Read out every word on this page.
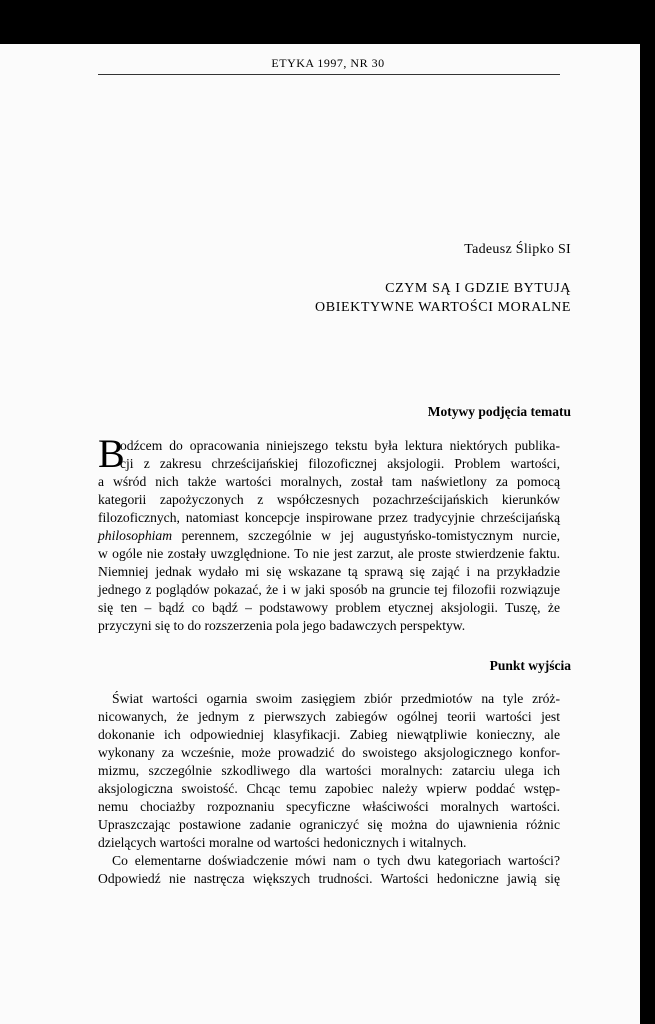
ETYKA 1997, NR 30
Tadeusz Ślipko SI
CZYM SĄ I GDZIE BYTUJĄ
OBIEKTYWNE WARTOŚCI MORALNE
Motywy podjęcia tematu
B
odźcem do opracowania niniejszego tekstu była lektura niektórych publika-
cji z zakresu chrześcijańskiej filozoficznej aksjologii. Problem wartości,
a wśród nich także wartości moralnych, został tam naświetlony za pomocą
kategorii zapożyczonych z współczesnych pozachrześcijańskich kierunków
filozoficznych, natomiast koncepcje inspirowane przez tradycyjnie chrześcijańską
philosophiam perennem, szczególnie w jej augustyńsko-tomistycznym nurcie,
w ogóle nie zostały uwzględnione. To nie jest zarzut, ale proste stwierdzenie faktu.
Niemniej jednak wydało mi się wskazane tą sprawą się zająć i na przykładzie
jednego z poglądów pokazać, że i w jaki sposób na gruncie tej filozofii rozwiązuje
się ten – bądź co bądź – podstawowy problem etycznej aksjologii. Tuszę, że
przyczyni się to do rozszerzenia pola jego badawczych perspektyw.
Punkt wyjścia
Świat wartości ogarnia swoim zasięgiem zbiór przedmiotów na tyle zróż-
nicowanych, że jednym z pierwszych zabiegów ogólnej teorii wartości jest
dokonanie ich odpowiedniej klasyfikacji. Zabieg niewątpliwie konieczny, ale
wykonany za wcześnie, może prowadzić do swoistego aksjologicznego konfor-
mizmu, szczególnie szkodliwego dla wartości moralnych: zatarciu ulega ich
aksjologiczna swoistość. Chcąc temu zapobiec należy wpierw poddać wstęp-
nemu chociażby rozpoznaniu specyficzne właściwości moralnych wartości.
Upraszczając postawione zadanie ograniczyć się można do ujawnienia różnic
dzielących wartości moralne od wartości hedonicznych i witalnych.
Co elementarne doświadczenie mówi nam o tych dwu kategoriach wartości?
Odpowiedź nie nastręcza większych trudności. Wartości hedoniczne jawią się
